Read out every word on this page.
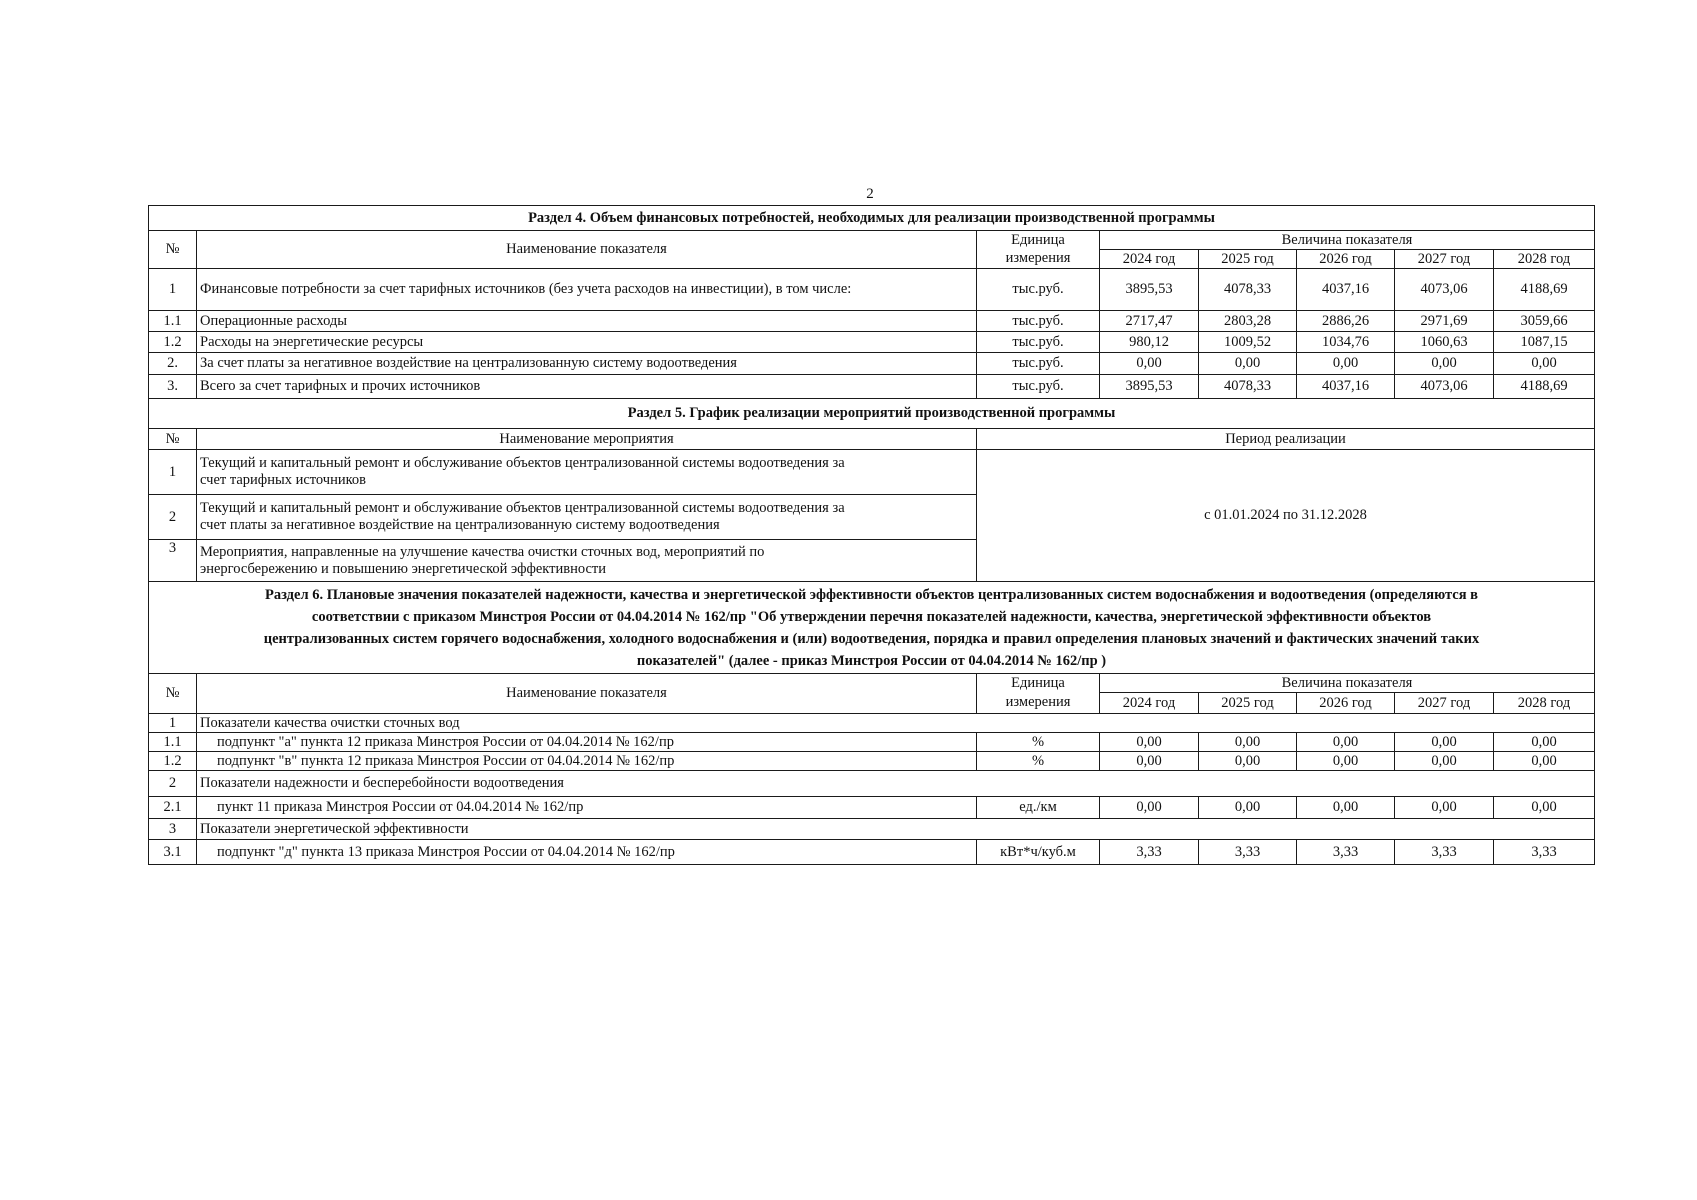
2
Раздел 4. Объем финансовых потребностей, необходимых для реализации производственной программы							
№	Наименование показателя	Единица	Величина показателя				
		измерения	2024 год	2025 год	2026 год	2027 год	2028 год
1	Финансовые потребности за счет тарифных источников (без учета расходов на инвестиции), в том числе:	тыс.руб.	3895,53	4078,33	4037,16	4073,06	4188,69
1.1	Операционные расходы	тыс.руб.	2717,47	2803,28	2886,26	2971,69	3059,66
1.2	Расходы на энергетические ресурсы	тыс.руб.	980,12	1009,52	1034,76	1060,63	1087,15
2.	За счет платы за негативное воздействие на централизованную систему водоотведения	тыс.руб.	0,00	0,00	0,00	0,00	0,00
3.	Всего за счет тарифных и прочих источников	тыс.руб.	3895,53	4078,33	4037,16	4073,06	4188,69
Раздел 5. График реализации мероприятий производственной программы							
№	Наименование мероприятия	Период реализации					
1	Текущий и капитальный ремонт и обслуживание объектов централизованной системы водоотведения за
счет тарифных источников	с 01.01.2024 по 31.12.2028					
2	Текущий и капитальный ремонт и обслуживание объектов централизованной системы водоотведения за
счет платы за негативное воздействие на централизованную систему водоотведения						
3	Мероприятия, направленные на улучшение качества очистки сточных вод, мероприятий по
энергосбережению и повышению энергетической эффективности						
Раздел 6. Плановые значения показателей надежности, качества и энергетической эффективности объектов централизованных систем водоснабжения и водоотведения (определяются в
соответствии с приказом Минстроя России от 04.04.2014 № 162/пр "Об утверждении перечня показателей надежности, качества, энергетической эффективности объектов
централизованных систем горячего водоснабжения, холодного водоснабжения и (или) водоотведения, порядка и правил определения плановых значений и фактических значений таких
показателей" (далее - приказ Минстроя России от 04.04.2014 № 162/пр )							
№	Наименование показателя	Единица	Величина показателя				
		измерения	2024 год	2025 год	2026 год	2027 год	2028 год
1	Показатели качества очистки сточных вод						
1.1	подпункт "а" пункта 12 приказа Минстроя России от 04.04.2014 № 162/пр	%	0,00	0,00	0,00	0,00	0,00
1.2	подпункт "в" пункта 12 приказа Минстроя России от 04.04.2014 № 162/пр	%	0,00	0,00	0,00	0,00	0,00
2	Показатели надежности и бесперебойности водоотведения						
2.1	пункт 11 приказа Минстроя России от 04.04.2014 № 162/пр	ед./км	0,00	0,00	0,00	0,00	0,00
3	Показатели энергетической эффективности						
3.1	подпункт "д" пункта 13 приказа Минстроя России от 04.04.2014 № 162/пр	кВт*ч/куб.м	3,33	3,33	3,33	3,33	3,33
